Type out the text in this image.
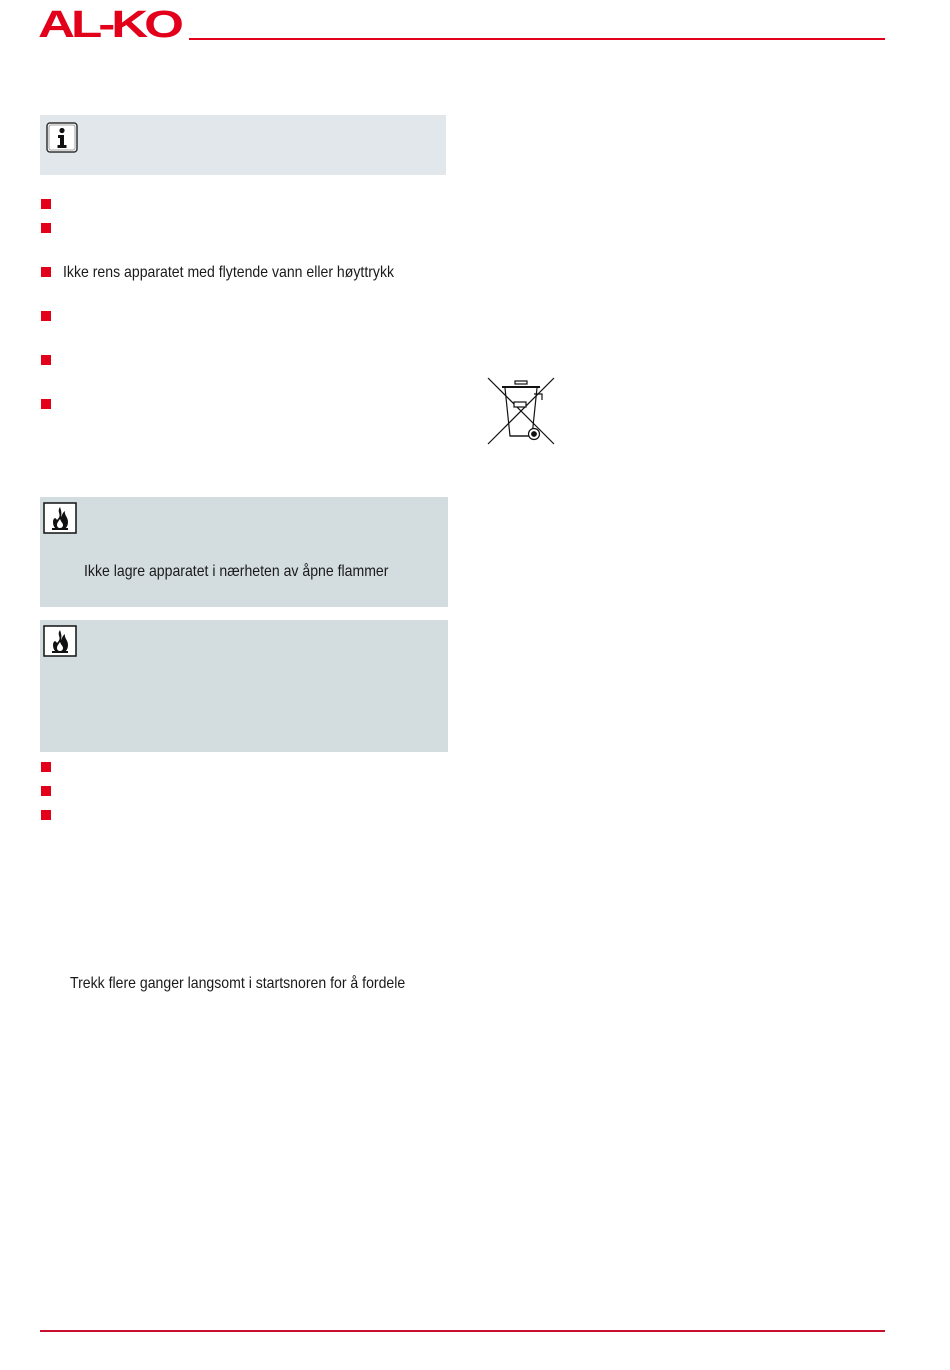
AL-KO
Ikke rens apparatet med flytende vann eller høyttrykk
Ikke lagre apparatet i nærheten av åpne flammer
Trekk flere ganger langsomt i startsnoren for å fordele
